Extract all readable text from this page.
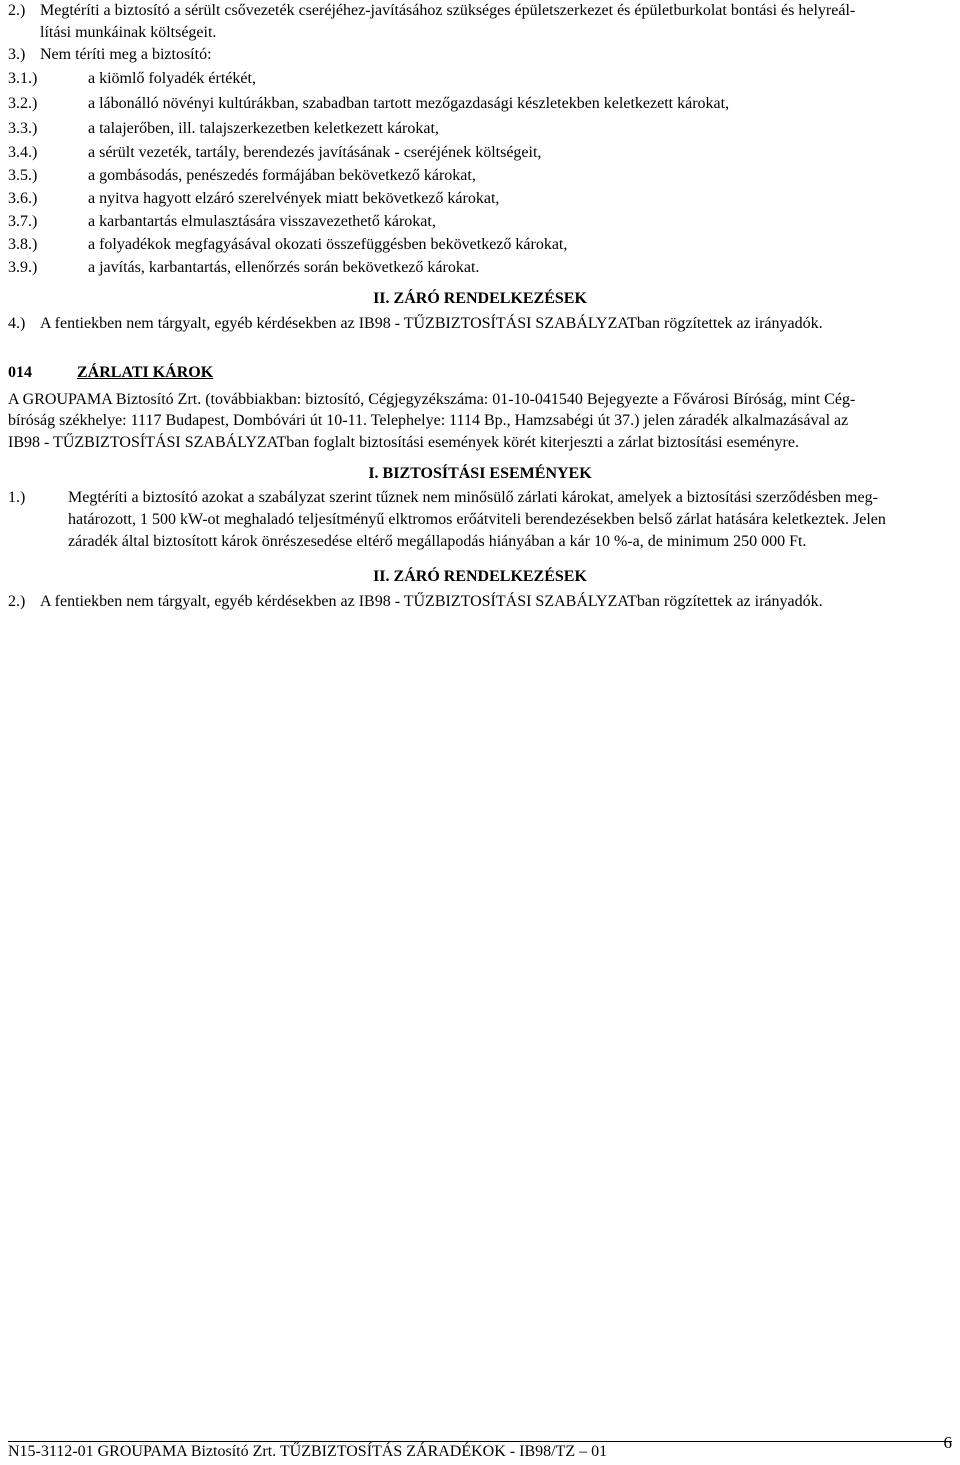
2.) Megtéríti a biztosító a sérült csővezeték cseréjéhez-javításához szükséges épületszerkezet és épületburkolat bontási és helyreál-
lítási munkáinak költségeit.
3.) Nem téríti meg a biztosító:
3.1.)	a kiömlő folyadék értékét,
3.2.)	a lábonálló növényi kultúrákban, szabadban tartott mezőgazdasági készletekben keletkezett károkat,
3.3.)	a talajerőben, ill. talajszerkezetben keletkezett károkat,
3.4.)	a sérült vezeték, tartály, berendezés javításának - cseréjének költségeit,
3.5.)	a gombásodás, penészedés formájában bekövetkező károkat,
3.6.)	a nyitva hagyott elzáró szerelvények miatt bekövetkező károkat,
3.7.)	a karbantartás elmulasztására visszavezethető károkat,
3.8.)	a folyadékok megfagyásával okozati összefüggésben bekövetkező károkat,
3.9.)	a javítás, karbantartás, ellenőrzés során bekövetkező károkat.
II. ZÁRÓ RENDELKEZÉSEK
4.) A fentiekben nem tárgyalt, egyéb kérdésekben az IB98 - TŰZBIZTOSÍTÁSI SZABÁLYZATban rögzítettek az irányadók.
014	ZÁRLATI KÁROK
A GROUPAMA Biztosító Zrt. (továbbiakban: biztosító, Cégjegyzékszáma: 01-10-041540 Bejegyezte a Fővárosi Bíróság, mint Cég-
bíróság székhelye: 1117 Budapest, Dombóvári út 10-11. Telephelye: 1114 Bp., Hamzsabégi út 37.) jelen záradék alkalmazásával az
IB98 - TŰZBIZTOSÍTÁSI SZABÁLYZATban foglalt biztosítási események körét kiterjeszti a zárlat biztosítási eseményre.
I. BIZTOSÍTÁSI ESEMÉNYEK
1.)	Megtéríti a biztosító azokat a szabályzat szerint tűznek nem minősülő zárlati károkat, amelyek a biztosítási szerződésben meg-
határozott, 1 500 kW-ot meghaladó teljesítményű elktromos erőátviteli berendezésekben belső zárlat hatására keletkeztek. Jelen
záradék által biztosított károk önrészesedése eltérő megállapodás hiányában a kár 10 %-a, de minimum 250 000 Ft.
II. ZÁRÓ RENDELKEZÉSEK
2.) A fentiekben nem tárgyalt, egyéb kérdésekben az IB98 - TŰZBIZTOSÍTÁSI SZABÁLYZATban rögzítettek az irányadók.
N15-3112-01 GROUPAMA Biztosító Zrt. TŰZBIZTOSÍTÁS ZÁRADÉKOK - IB98/TZ – 01	6
